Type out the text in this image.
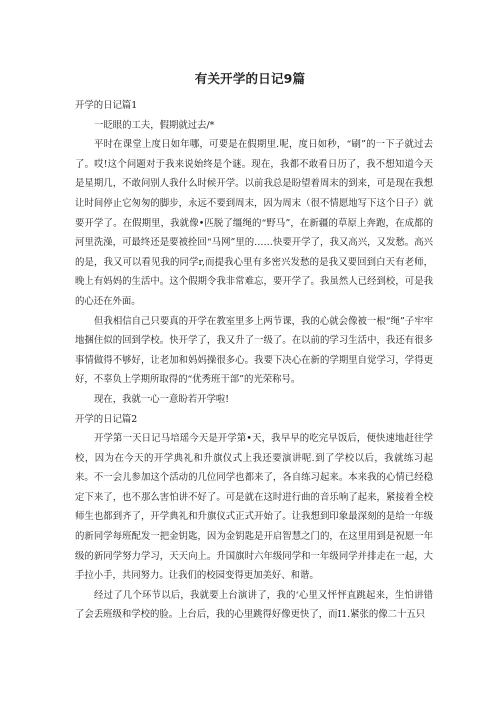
有关开学的日记9篇

开学的日记篇1

一眨眼的工夫，假期就过去/*

平时在课堂上度日如年哪，可要是在假期里.呢，度日如秒，“刷”的一下子就过去了。哎!这个问题对于我来说始终是个谜。现在，我都不敢看日历了，我不想知道今天是星期几，不敢问别人我什么时候开学。以前我总是盼望着周末的到来，可是现在我想让时间停止它匆匆的脚步，永远不要到周末，因为周末（很不情愿地写下这个日子）就要开学了。在假期里，我就像•匹脱了缰绳的“野马”，在新疆的草原上奔跑，在成都的河里洗澡，可最终还是要被拴回“马网”里的……快要开学了，我又高兴，又发愁。高兴的是，我又可以看见我的同学r,而提我心里有多密兴发愁的是我又要回到白天有老师，晚上有妈妈的生活中。这个假期令我非常难忘，要开学了。我虽然人已经到校，可是我的心还在外面。

但我相信自己只要真的开学在教室里多上两节课，我的心就会像被一根“绳”子牢牢地捆住似的回到学校。快开学了，我又升了一级了。在以前的学习生活中，我还有很多事情做得不够好，让老加和妈妈操很多心。我要下决心在新的学期里自觉学习，学得更好，不辜负上学期所取得的“优秀班干部”的光荣称号。

现在，我就一心一意盼若开学啦!

开学的日记篇2

开学第一天日记马培瑶今天是开学第•天，我早早的吃完早饭后，便快速地赶往学校，因为在今天的开学典礼和升旗仪式上我还要演讲呢.到了学校以后，我就练习起来。不一会儿参加这个活动的几位同学也都来了，各自练习起来。本来我的心情已经稳定下来了，也不那么害怕讲不好了。可是就在这时进行曲的音乐响了起来，紧接着全校师生也都到齐了，开学典礼和升旗仪式正式开始了。让我想到印象最深刻的是给一年级的新同学每班配发一把金钥匙，因为金钥匙是开启智慧之门的，在这里用到是祝愿一年级的新同学努力学习，天天向上。升国旗时六年级同学和一年级同学并排走在一起，大手拉小手，共同努力。让我们的校园变得更加美好、和谐。

经过了几个环节以后，我就要上台演讲了，我的‘心里又怦怦直跳起来，生怕讲错了会丢班级和学校的脸。上台后，我的心里跳得好像更快了，而I1.紧张的像二十五只
